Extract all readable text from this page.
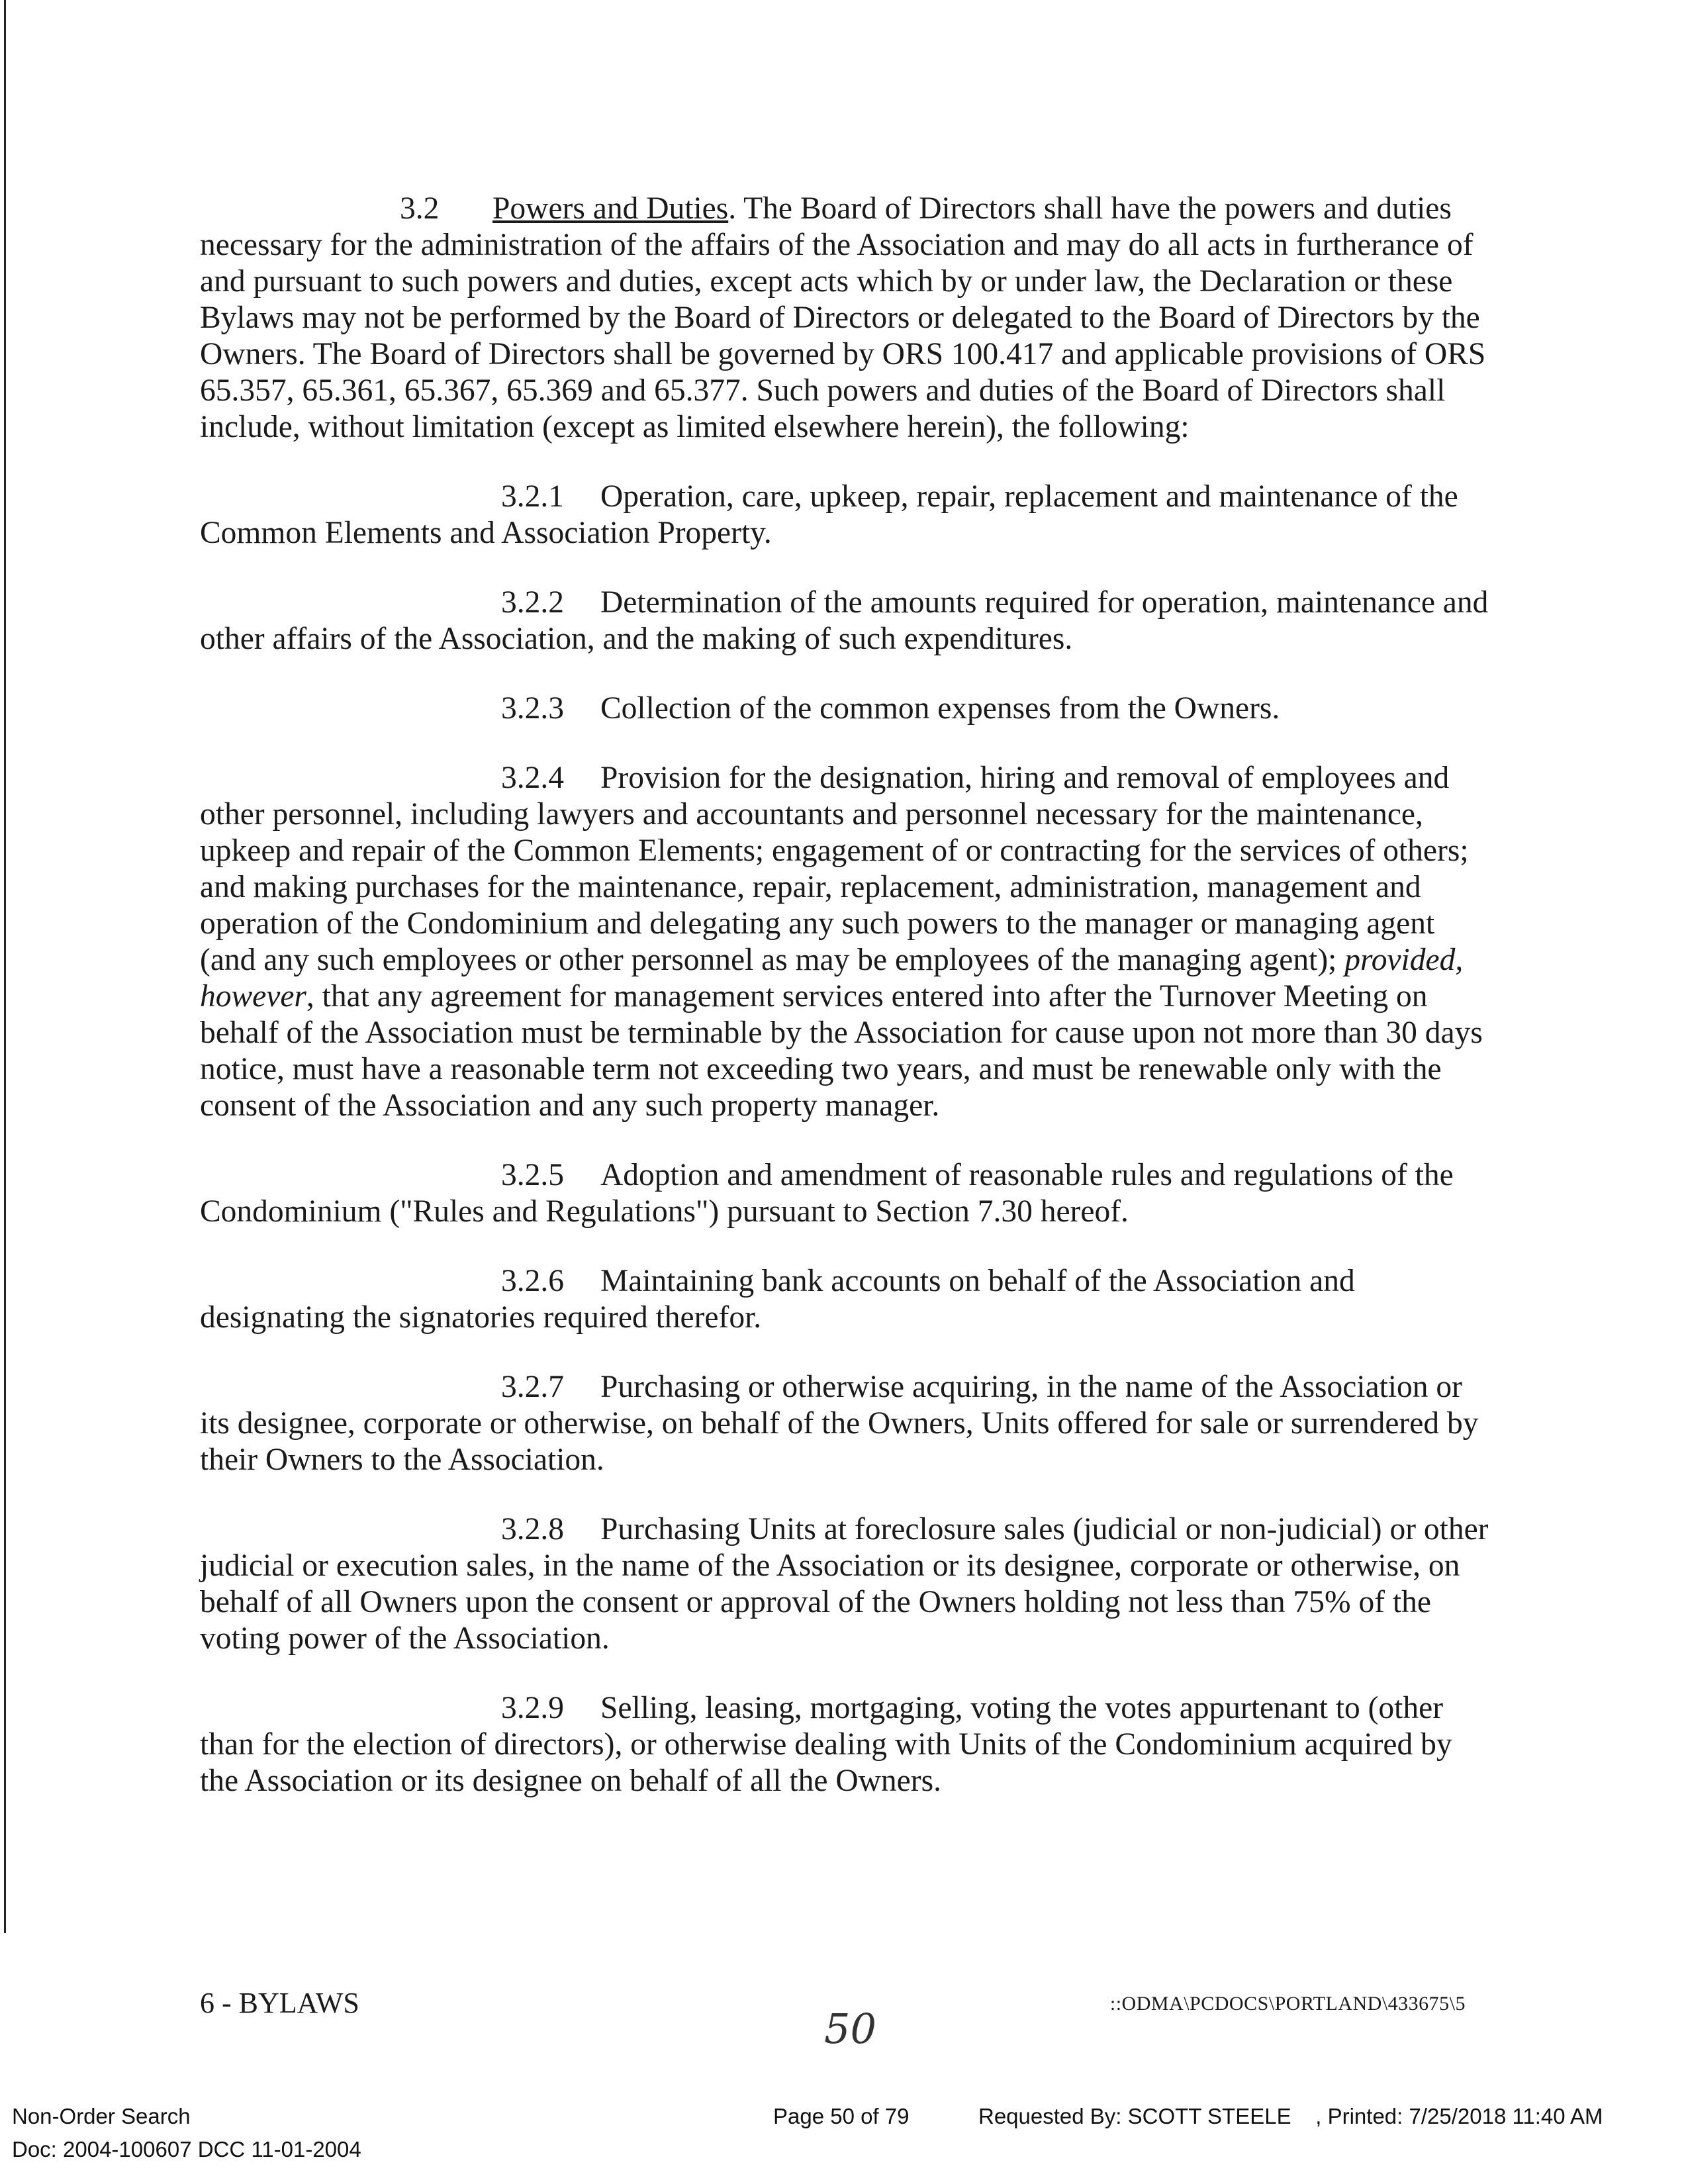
3.2 Powers and Duties. The Board of Directors shall have the powers and duties necessary for the administration of the affairs of the Association and may do all acts in furtherance of and pursuant to such powers and duties, except acts which by or under law, the Declaration or these Bylaws may not be performed by the Board of Directors or delegated to the Board of Directors by the Owners. The Board of Directors shall be governed by ORS 100.417 and applicable provisions of ORS 65.357, 65.361, 65.367, 65.369 and 65.377. Such powers and duties of the Board of Directors shall include, without limitation (except as limited elsewhere herein), the following:

3.2.1 Operation, care, upkeep, repair, replacement and maintenance of the Common Elements and Association Property.

3.2.2 Determination of the amounts required for operation, maintenance and other affairs of the Association, and the making of such expenditures.

3.2.3 Collection of the common expenses from the Owners.

3.2.4 Provision for the designation, hiring and removal of employees and other personnel, including lawyers and accountants and personnel necessary for the maintenance, upkeep and repair of the Common Elements; engagement of or contracting for the services of others; and making purchases for the maintenance, repair, replacement, administration, management and operation of the Condominium and delegating any such powers to the manager or managing agent (and any such employees or other personnel as may be employees of the managing agent); provided, however, that any agreement for management services entered into after the Turnover Meeting on behalf of the Association must be terminable by the Association for cause upon not more than 30 days notice, must have a reasonable term not exceeding two years, and must be renewable only with the consent of the Association and any such property manager.

3.2.5 Adoption and amendment of reasonable rules and regulations of the Condominium ("Rules and Regulations") pursuant to Section 7.30 hereof.

3.2.6 Maintaining bank accounts on behalf of the Association and designating the signatories required therefor.

3.2.7 Purchasing or otherwise acquiring, in the name of the Association or its designee, corporate or otherwise, on behalf of the Owners, Units offered for sale or surrendered by their Owners to the Association.

3.2.8 Purchasing Units at foreclosure sales (judicial or non-judicial) or other judicial or execution sales, in the name of the Association or its designee, corporate or otherwise, on behalf of all Owners upon the consent or approval of the Owners holding not less than 75% of the voting power of the Association.

3.2.9 Selling, leasing, mortgaging, voting the votes appurtenant to (other than for the election of directors), or otherwise dealing with Units of the Condominium acquired by the Association or its designee on behalf of all the Owners.

6 - BYLAWS	::ODMA\PCDOCS\PORTLAND\433675\5
50
Non-Order Search
Doc: 2004-100607 DCC 11-01-2004
Page 50 of 79	Requested By: SCOTT STEELE    , Printed: 7/25/2018 11:40 AM
